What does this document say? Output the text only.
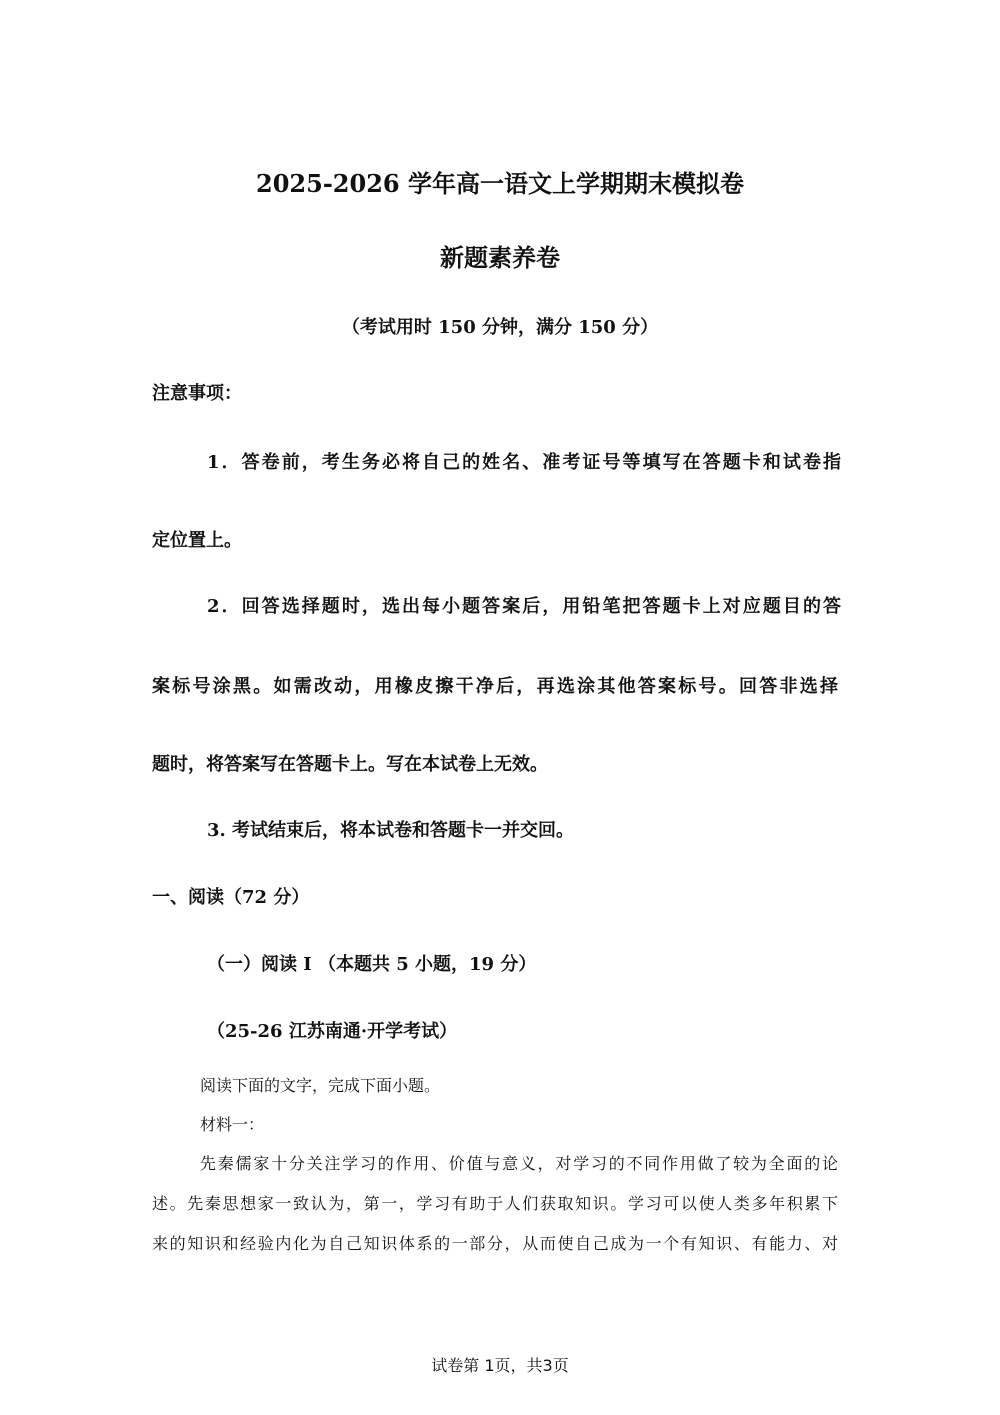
2025-2026 学年高一语文上学期期末模拟卷
新题素养卷
（考试用时 150 分钟，满分 150 分）
注意事项：
1．答卷前，考生务必将自己的姓名、准考证号等填写在答题卡和试卷指
定位置上。
2．回答选择题时，选出每小题答案后，用铅笔把答题卡上对应题目的答
案标号涂黑。如需改动，用橡皮擦干净后，再选涂其他答案标号。回答非选择
题时，将答案写在答题卡上。写在本试卷上无效。
3. 考试结束后，将本试卷和答题卡一并交回。
一、阅读（72 分）
（一）阅读 I （本题共 5 小题，19 分）
（25-26 江苏南通·开学考试）
阅读下面的文字，完成下面小题。
材料一：
先秦儒家十分关注学习的作用、价值与意义，对学习的不同作用做了较为全面的论
述。先秦思想家一致认为，第一，学习有助于人们获取知识。学习可以使人类多年积累下
来的知识和经验内化为自己知识体系的一部分，从而使自己成为一个有知识、有能力、对
试卷第 1页，共3页
